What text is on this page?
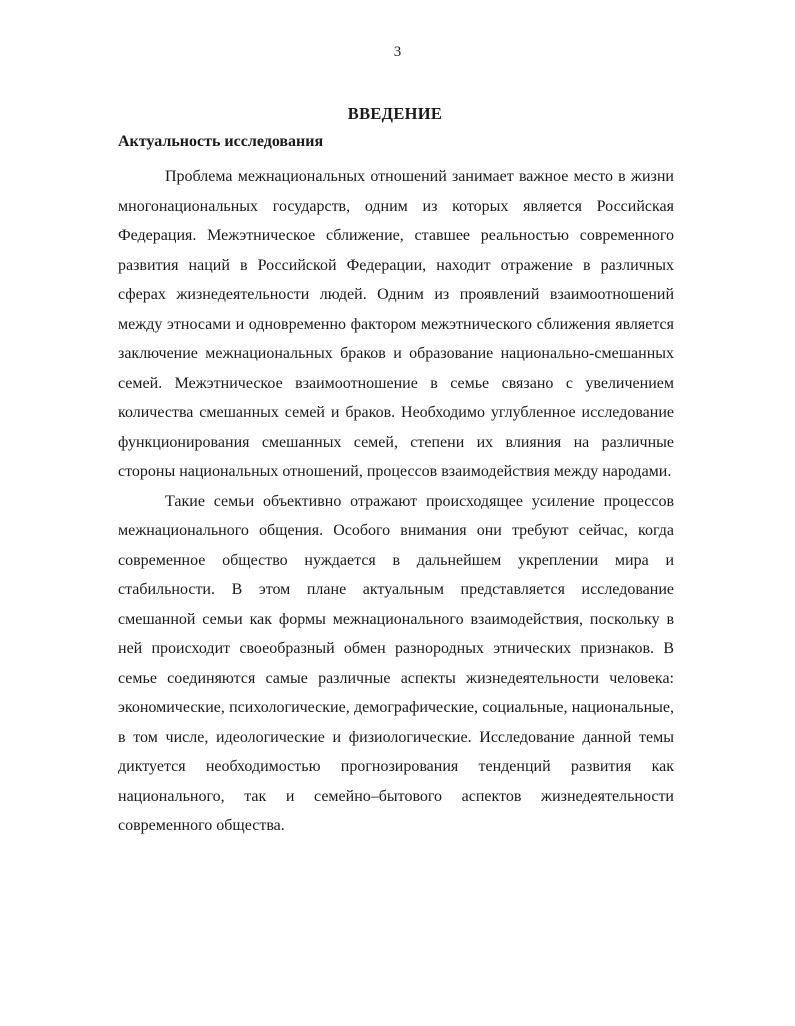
3
ВВЕДЕНИЕ
Актуальность исследования

Проблема межнациональных отношений занимает важное место в жизни многонациональных государств, одним из которых является Российская Федерация. Межэтническое сближение, ставшее реальностью современного развития наций в Российской Федерации, находит отражение в различных сферах жизнедеятельности людей. Одним из проявлений взаимоотношений между этносами и одновременно фактором межэтнического сближения является заключение межнациональных браков и образование национально-смешанных семей. Межэтническое взаимоотношение в семье связано с увеличением количества смешанных семей и браков. Необходимо углубленное исследование функционирования смешанных семей, степени их влияния на различные стороны национальных отношений, процессов взаимодействия между народами.

Такие семьи объективно отражают происходящее усиление процессов межнационального общения. Особого внимания они требуют сейчас, когда современное общество нуждается в дальнейшем укреплении мира и стабильности. В этом плане актуальным представляется исследование смешанной семьи как формы межнационального взаимодействия, поскольку в ней происходит своеобразный обмен разнородных этнических признаков. В семье соединяются самые различные аспекты жизнедеятельности человека: экономические, психологические, демографические, социальные, национальные, в том числе, идеологические и физиологические. Исследование данной темы диктуется необходимостью прогнозирования тенденций развития как национального, так и семейно–бытового аспектов жизнедеятельности современного общества.
